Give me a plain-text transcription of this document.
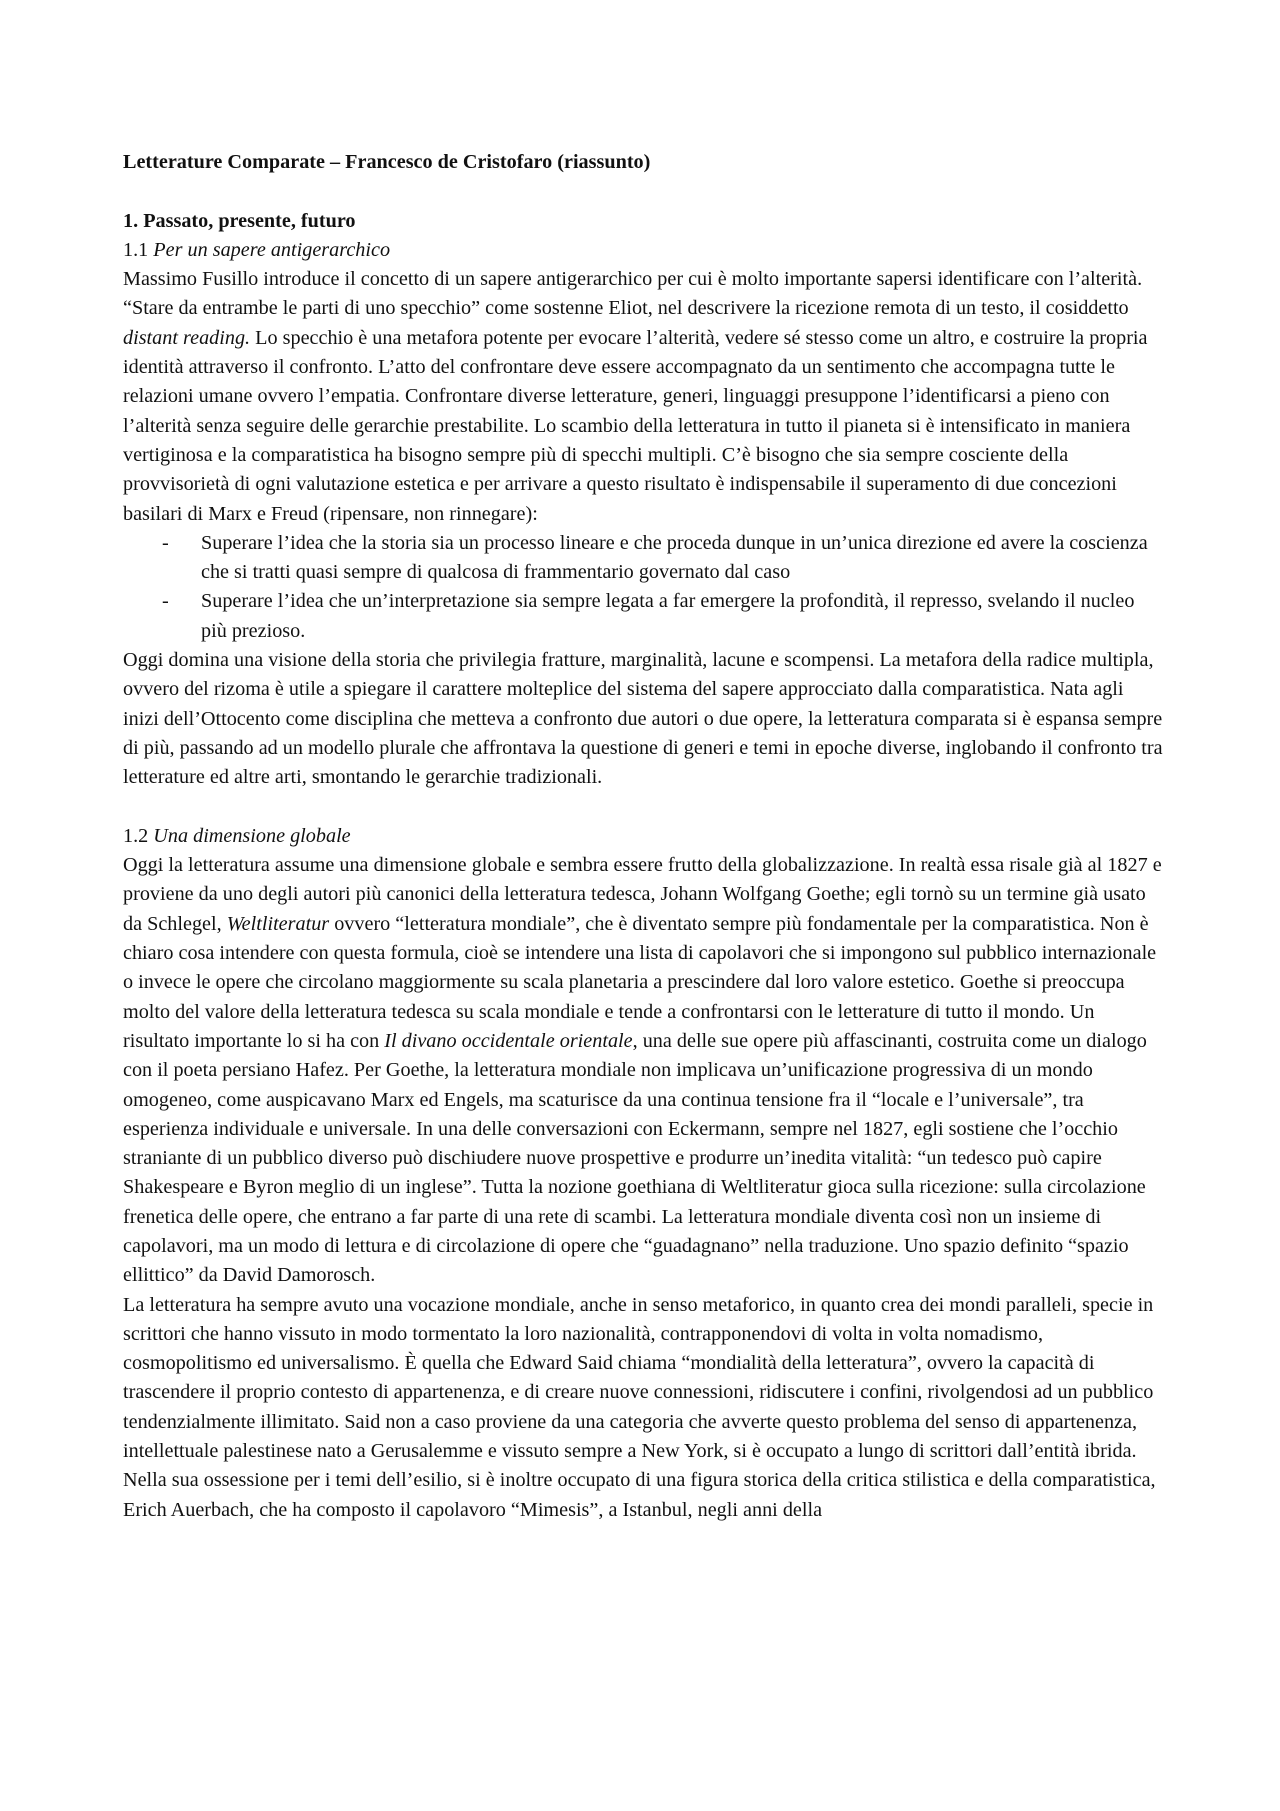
Letterature Comparate – Francesco de Cristofaro (riassunto)

1. Passato, presente, futuro

1.1 Per un sapere antigerarchico

Massimo Fusillo introduce il concetto di un sapere antigerarchico per cui è molto importante sapersi identificare con l’alterità. “Stare da entrambe le parti di uno specchio” come sostenne Eliot, nel descrivere la ricezione remota di un testo, il cosiddetto distant reading. Lo specchio è una metafora potente per evocare l’alterità, vedere sé stesso come un altro, e costruire la propria identità attraverso il confronto. L’atto del confrontare deve essere accompagnato da un sentimento che accompagna tutte le relazioni umane ovvero l’empatia. Confrontare diverse letterature, generi, linguaggi presuppone l’identificarsi a pieno con l’alterità senza seguire delle gerarchie prestabilite. Lo scambio della letteratura in tutto il pianeta si è intensificato in maniera vertiginosa e la comparatistica ha bisogno sempre più di specchi multipli. C’è bisogno che sia sempre cosciente della provvisorietà di ogni valutazione estetica e per arrivare a questo risultato è indispensabile il superamento di due concezioni basilari di Marx e Freud (ripensare, non rinnegare):

- Superare l’idea che la storia sia un processo lineare e che proceda dunque in un’unica direzione ed avere la coscienza che si tratti quasi sempre di qualcosa di frammentario governato dal caso
- Superare l’idea che un’interpretazione sia sempre legata a far emergere la profondità, il represso, svelando il nucleo più prezioso.

Oggi domina una visione della storia che privilegia fratture, marginalità, lacune e scompensi. La metafora della radice multipla, ovvero del rizoma è utile a spiegare il carattere molteplice del sistema del sapere approcciato dalla comparatistica. Nata agli inizi dell’Ottocento come disciplina che metteva a confronto due autori o due opere, la letteratura comparata si è espansa sempre di più, passando ad un modello plurale che affrontava la questione di generi e temi in epoche diverse, inglobando il confronto tra letterature ed altre arti, smontando le gerarchie tradizionali.

1.2 Una dimensione globale

Oggi la letteratura assume una dimensione globale e sembra essere frutto della globalizzazione. In realtà essa risale già al 1827 e proviene da uno degli autori più canonici della letteratura tedesca, Johann Wolfgang Goethe; egli tornò su un termine già usato da Schlegel, Weltliteratur ovvero “letteratura mondiale”, che è diventato sempre più fondamentale per la comparatistica. Non è chiaro cosa intendere con questa formula, cioè se intendere una lista di capolavori che si impongono sul pubblico internazionale o invece le opere che circolano maggiormente su scala planetaria a prescindere dal loro valore estetico. Goethe si preoccupa molto del valore della letteratura tedesca su scala mondiale e tende a confrontarsi con le letterature di tutto il mondo. Un risultato importante lo si ha con Il divano occidentale orientale, una delle sue opere più affascinanti, costruita come un dialogo con il poeta persiano Hafez. Per Goethe, la letteratura mondiale non implicava un’unificazione progressiva di un mondo omogeneo, come auspicavano Marx ed Engels, ma scaturisce da una continua tensione fra il “locale e l’universale”, tra esperienza individuale e universale. In una delle conversazioni con Eckermann, sempre nel 1827, egli sostiene che l’occhio straniante di un pubblico diverso può dischiudere nuove prospettive e produrre un’inedita vitalità: “un tedesco può capire Shakespeare e Byron meglio di un inglese”. Tutta la nozione goethiana di Weltliteratur gioca sulla ricezione: sulla circolazione frenetica delle opere, che entrano a far parte di una rete di scambi. La letteratura mondiale diventa così non un insieme di capolavori, ma un modo di lettura e di circolazione di opere che “guadagnano” nella traduzione. Uno spazio definito “spazio ellittico” da David Damorosch.

La letteratura ha sempre avuto una vocazione mondiale, anche in senso metaforico, in quanto crea dei mondi paralleli, specie in scrittori che hanno vissuto in modo tormentato la loro nazionalità, contrapponendovi di volta in volta nomadismo, cosmopolitismo ed universalismo. È quella che Edward Said chiama “mondialità della letteratura”, ovvero la capacità di trascendere il proprio contesto di appartenenza, e di creare nuove connessioni, ridiscutere i confini, rivolgendosi ad un pubblico tendenzialmente illimitato. Said non a caso proviene da una categoria che avverte questo problema del senso di appartenenza, intellettuale palestinese nato a Gerusalemme e vissuto sempre a New York, si è occupato a lungo di scrittori dall’entità ibrida. Nella sua ossessione per i temi dell’esilio, si è inoltre occupato di una figura storica della critica stilistica e della comparatistica, Erich Auerbach, che ha composto il capolavoro “Mimesis”, a Istanbul, negli anni della
